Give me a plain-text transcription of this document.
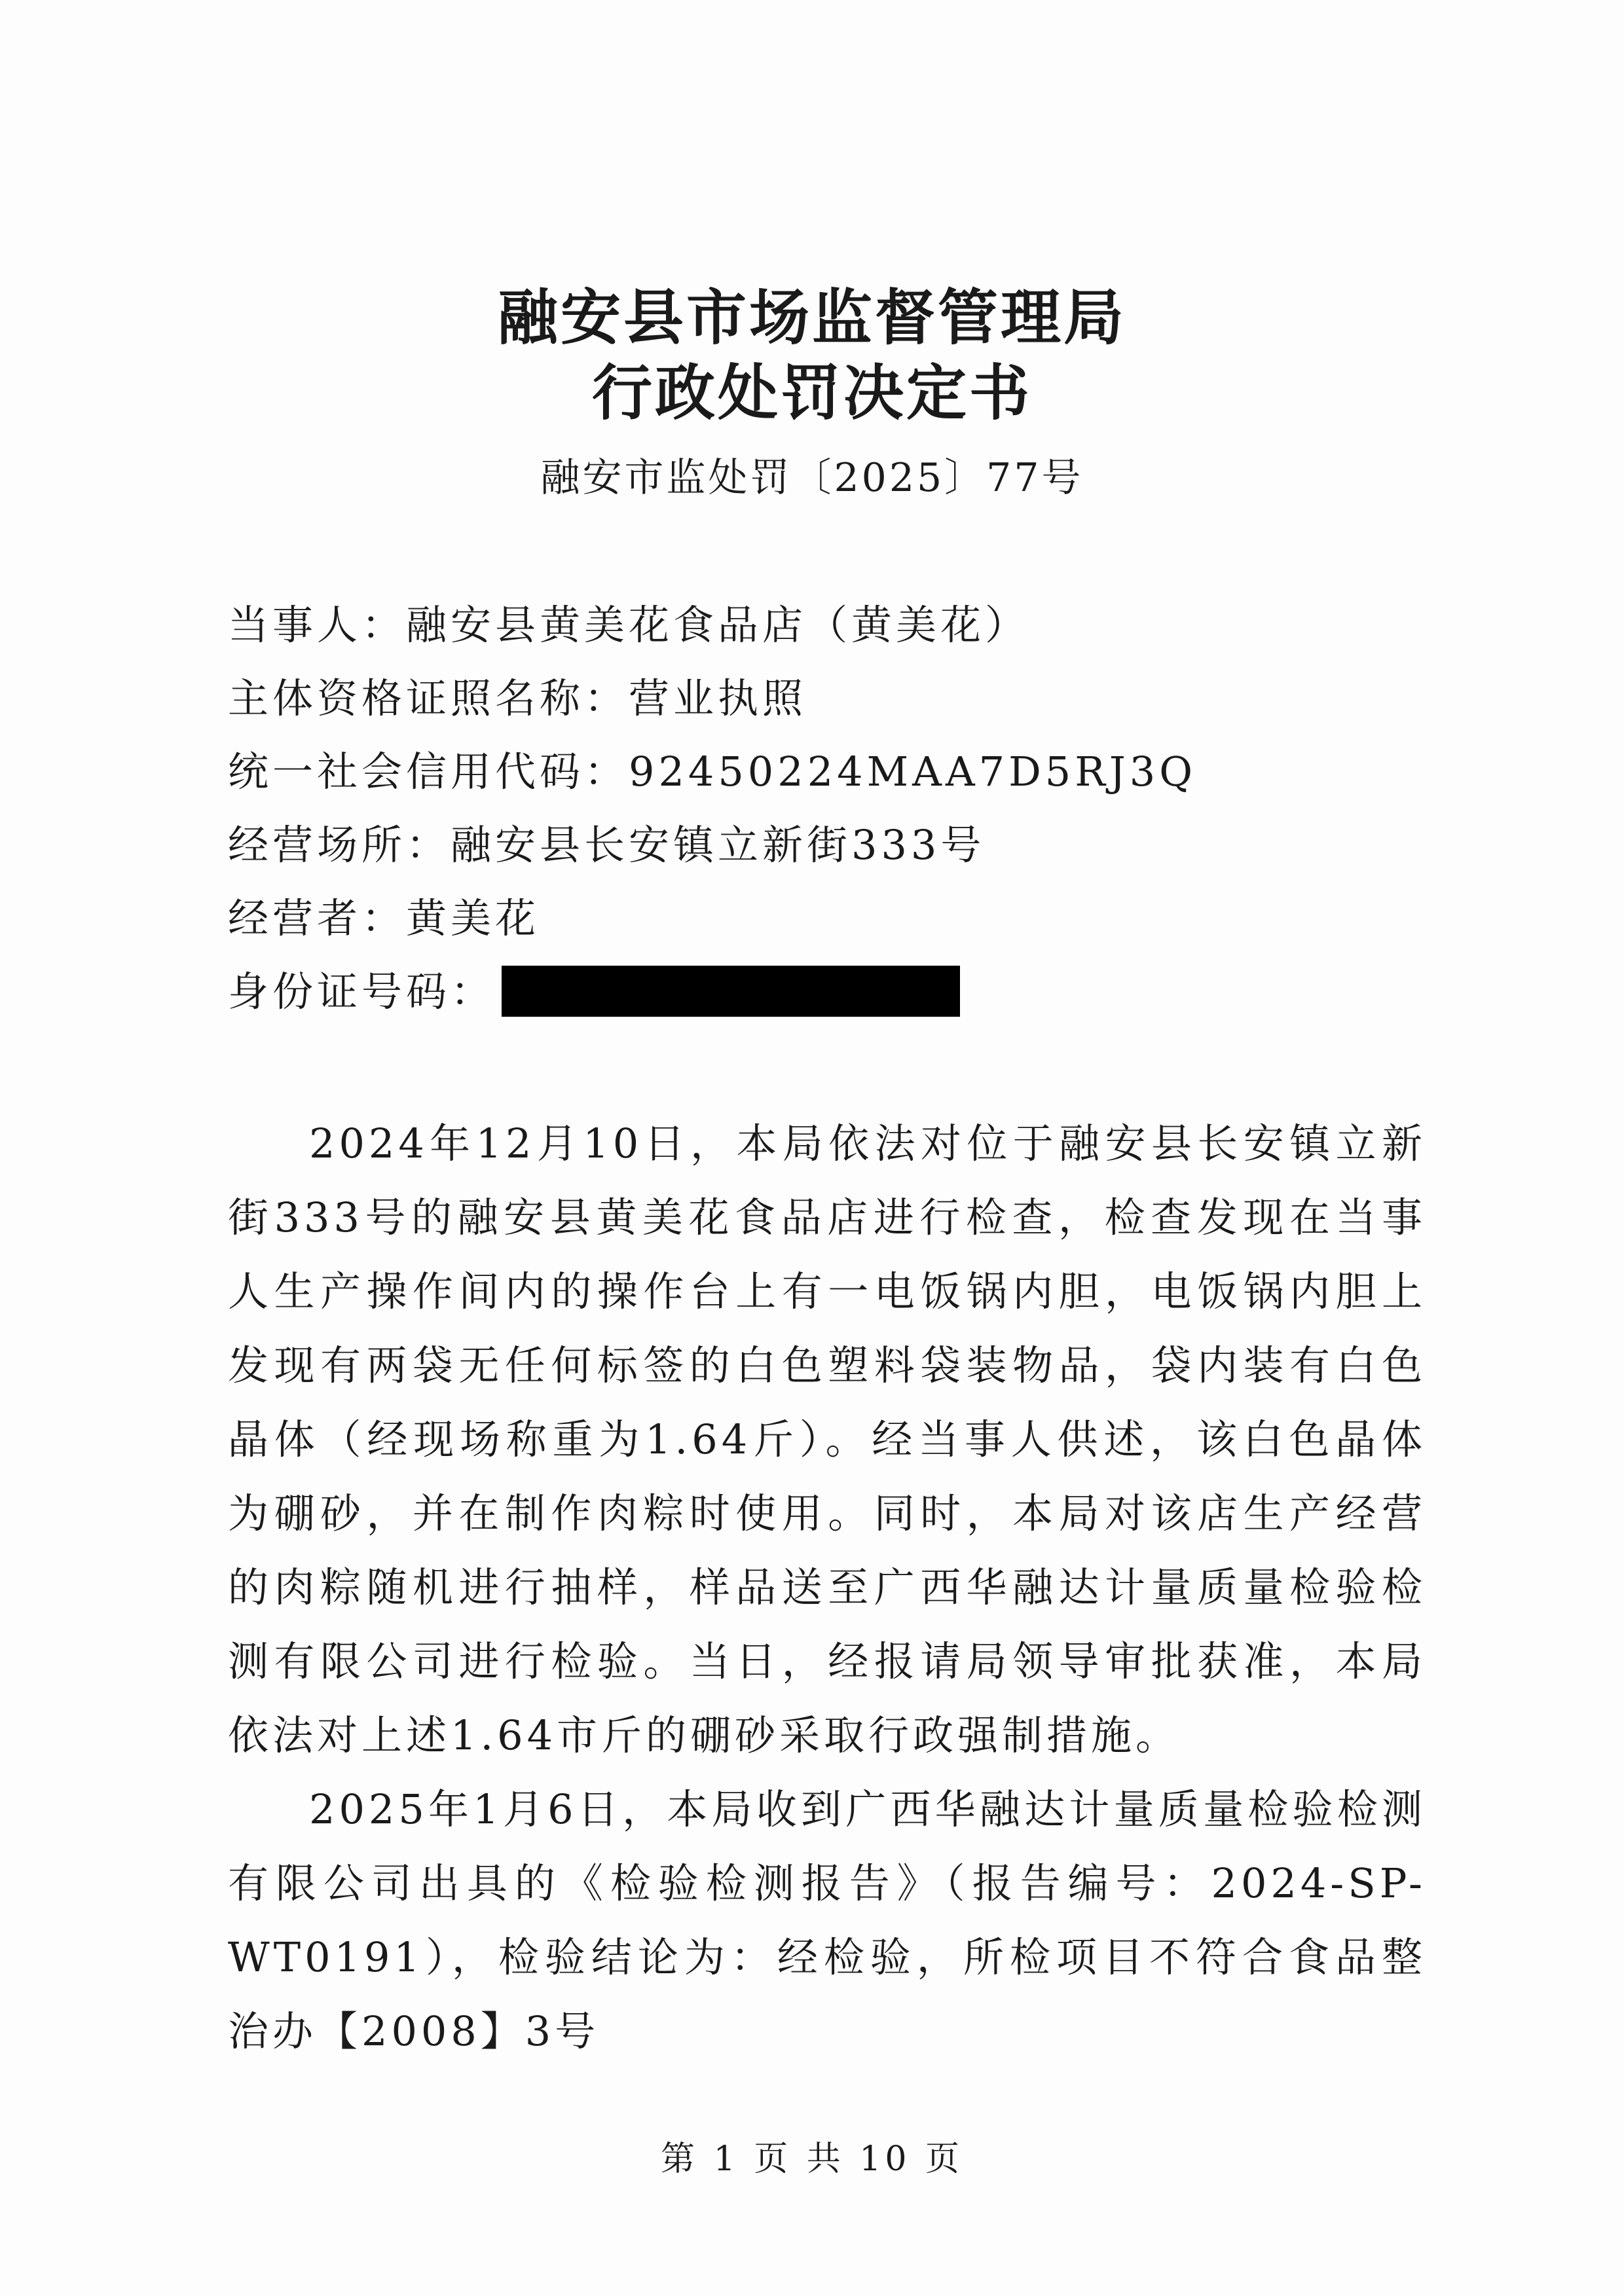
融安县市场监督管理局
行政处罚决定书
融安市监处罚〔2025〕77号
当事人：融安县黄美花食品店（黄美花）
主体资格证照名称：营业执照
统一社会信用代码：92450224MAA7D5RJ3Q
经营场所：融安县长安镇立新街333号
经营者：黄美花
身份证号码：

2024年12月10日，本局依法对位于融安县长安镇立新街333号的融安县黄美花食品店进行检查，检查发现在当事人生产操作间内的操作台上有一电饭锅内胆，电饭锅内胆上发现有两袋无任何标签的白色塑料袋装物品，袋内装有白色晶体（经现场称重为1.64斤）。经当事人供述，该白色晶体为硼砂，并在制作肉粽时使用。同时，本局对该店生产经营的肉粽随机进行抽样，样品送至广西华融达计量质量检验检测有限公司进行检验。当日，经报请局领导审批获准，本局依法对上述1.64市斤的硼砂采取行政强制措施。

2025年1月6日，本局收到广西华融达计量质量检验检测有限公司出具的《检验检测报告》（报告编号：2024-SP-WT0191），检验结论为：经检验，所检项目不符合食品整治办【2008】3号

第 1 页 共 10 页
